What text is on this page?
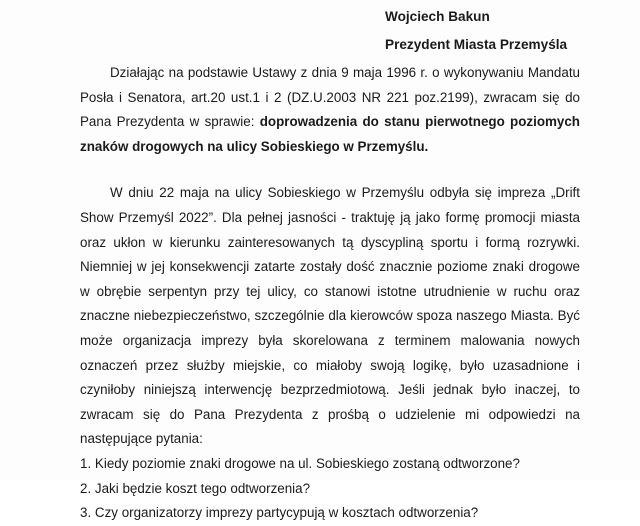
Wojciech Bakun
Prezydent Miasta Przemyśla

Działając na podstawie Ustawy z dnia 9 maja 1996 r. o wykonywaniu Mandatu Posła i Senatora, art.20 ust.1 i 2 (DZ.U.2003 NR 221 poz.2199), zwracam się do Pana Prezydenta w sprawie: doprowadzenia do stanu pierwotnego poziomych znaków drogowych na ulicy Sobieskiego w Przemyślu.

W dniu 22 maja na ulicy Sobieskiego w Przemyślu odbyła się impreza „Drift Show Przemyśl 2022”. Dla pełnej jasności - traktuję ją jako formę promocji miasta oraz ukłon w kierunku zainteresowanych tą dyscypliną sportu i formą rozrywki. Niemniej w jej konsekwencji zatarte zostały dość znacznie poziome znaki drogowe w obrębie serpentyn przy tej ulicy, co stanowi istotne utrudnienie w ruchu oraz znaczne niebezpieczeństwo, szczególnie dla kierowców spoza naszego Miasta. Być może organizacja imprezy była skorelowana z terminem malowania nowych oznaczeń przez służby miejskie, co miałoby swoją logikę, było uzasadnione i czyniłoby niniejszą interwencję bezprzedmiotową. Jeśli jednak było inaczej, to zwracam się do Pana Prezydenta z prośbą o udzielenie mi odpowiedzi na następujące pytania:

1. Kiedy poziomie znaki drogowe na ul. Sobieskiego zostaną odtworzone?
2. Jaki będzie koszt tego odtworzenia?
3. Czy organizatorzy imprezy partycypują w kosztach odtworzenia?
